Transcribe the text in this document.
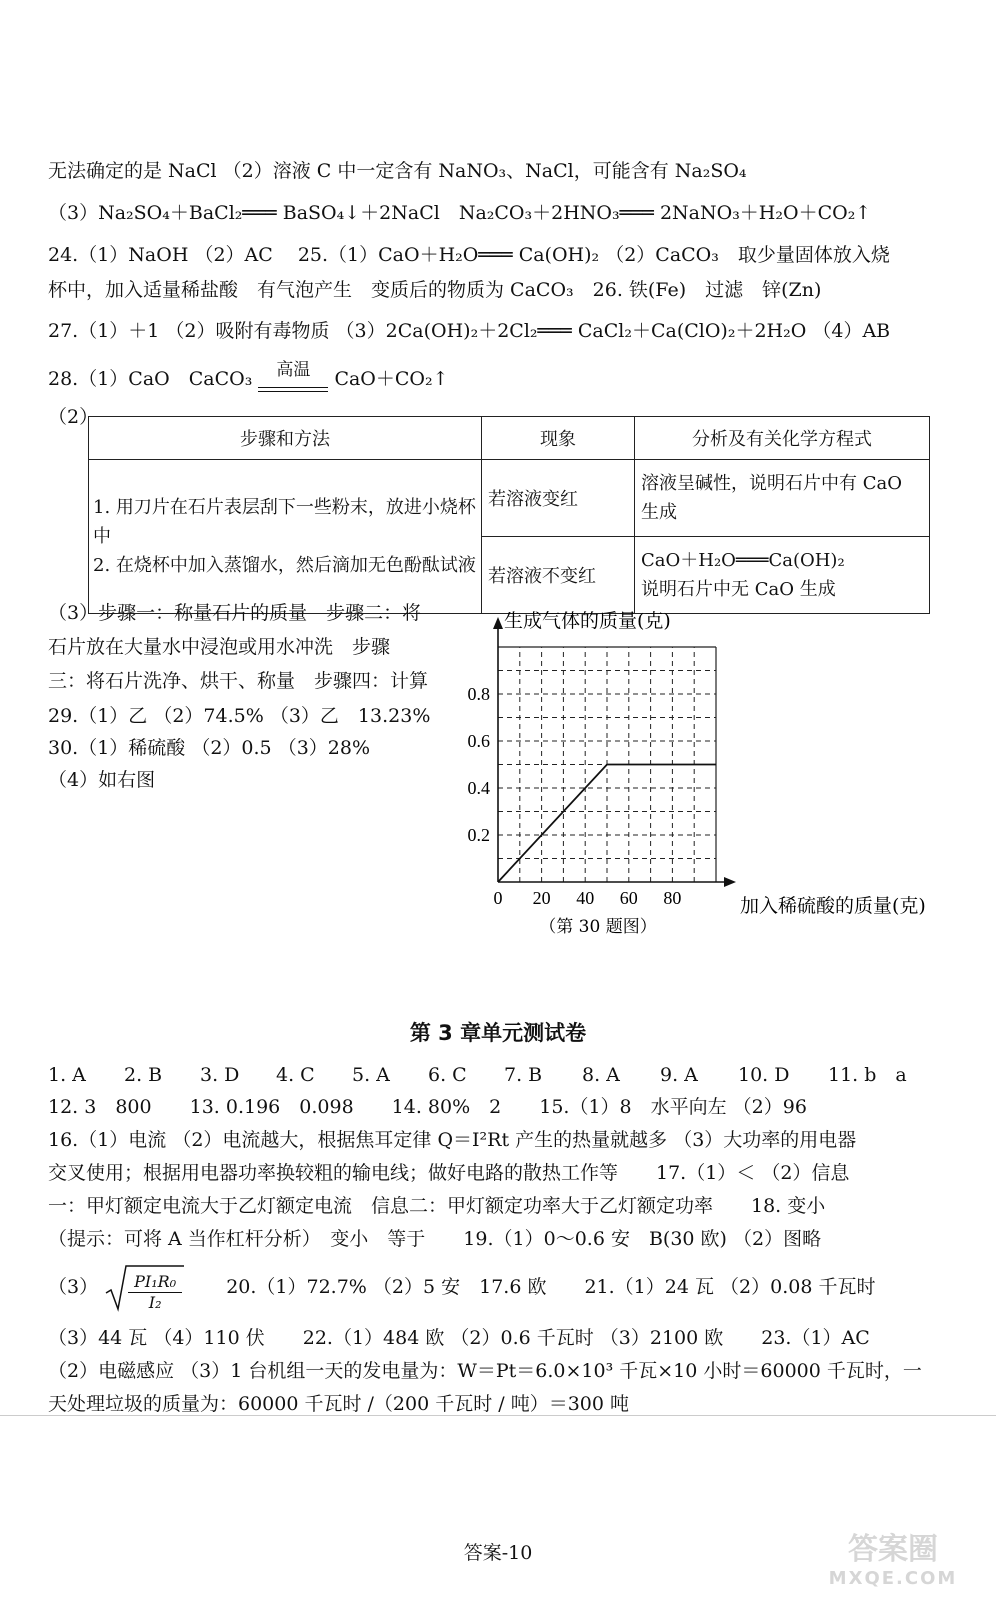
无法确定的是 NaCl （2）溶液 C 中一定含有 NaNO₃、NaCl，可能含有 Na₂SO₄
（3）Na₂SO₄＋BaCl₂═══ BaSO₄↓＋2NaCl　Na₂CO₃＋2HNO₃═══ 2NaNO₃＋H₂O＋CO₂↑
24.（1）NaOH （2）AC　 25.（1）CaO＋H₂O═══ Ca(OH)₂ （2）CaCO₃　取少量固体放入烧
杯中，加入适量稀盐酸　有气泡产生　变质后的物质为 CaCO₃　26. 铁(Fe)　过滤　锌(Zn)
27.（1）＋1 （2）吸附有毒物质 （3）2Ca(OH)₂＋2Cl₂═══ CaCl₂＋Ca(ClO)₂＋2H₂O （4）AB
28.（1）CaO　CaCO₃	高温	CaO＋CO₂↑
（2）
步骤和方法	现象	分析及有关化学方程式

1. 用刀片在石片表层刮下一些粉末，放进小烧杯中
2. 在烧杯中加入蒸馏水，然后滴加无色酚酞试液	若溶液变红	溶液呈碱性，说明石片中有 CaO 生成
	若溶液不变红	CaO＋H₂O═══Ca(OH)₂
说明石片中无 CaO 生成
（3）步骤一：称量石片的质量　步骤二：将
石片放在大量水中浸泡或用水冲洗　步骤
三：将石片洗净、烘干、称量　步骤四：计算
29.（1）乙 （2）74.5% （3）乙　13.23%
30.（1）稀硫酸 （2）0.5 （3）28%
（4）如右图
0 20 40 60 80
0.2
0.4
0.6
0.8
生成气体的质量(克)
加入稀硫酸的质量(克)
（第 30 题图）
第 3 章单元测试卷
1. A 2. B 3. D 4. C 5. A 6. C 7. B 8. A 9. A 10. D 11. b　a
12. 3　800　　13. 0.196　0.098　　14. 80%　2　　15.（1）8　水平向左 （2）96
16.（1）电流 （2）电流越大，根据焦耳定律 Q＝I²Rt 产生的热量就越多 （3）大功率的用电器
交叉使用；根据用电器功率换较粗的输电线；做好电路的散热工作等　　17.（1）＜ （2）信息
一：甲灯额定电流大于乙灯额定电流　信息二：甲灯额定功率大于乙灯额定功率　　18. 变小
（提示：可将 A 当作杠杆分析）　变小　等于　　19.（1）0～0.6 安　B(30 欧) （2）图略
$(3) \frac{\text{PI₁R₀}}{\text{I₂}}$ 　　20.（1）72.7% （2）5 安　17.6 欧　　21.（1）24 瓦 （2）0.08 千瓦时
（3）44 瓦 （4）110 伏　　22.（1）484 欧 （2）0.6 千瓦时 （3）2100 欧　　23.（1）AC
（2）电磁感应 （3）1 台机组一天的发电量为：W＝Pt＝6.0×10³ 千瓦×10 小时＝60000 千瓦时，一
天处理垃圾的质量为：60000 千瓦时 /（200 千瓦时 / 吨）＝300 吨
答案-10	答案圈
MXQE.COM
